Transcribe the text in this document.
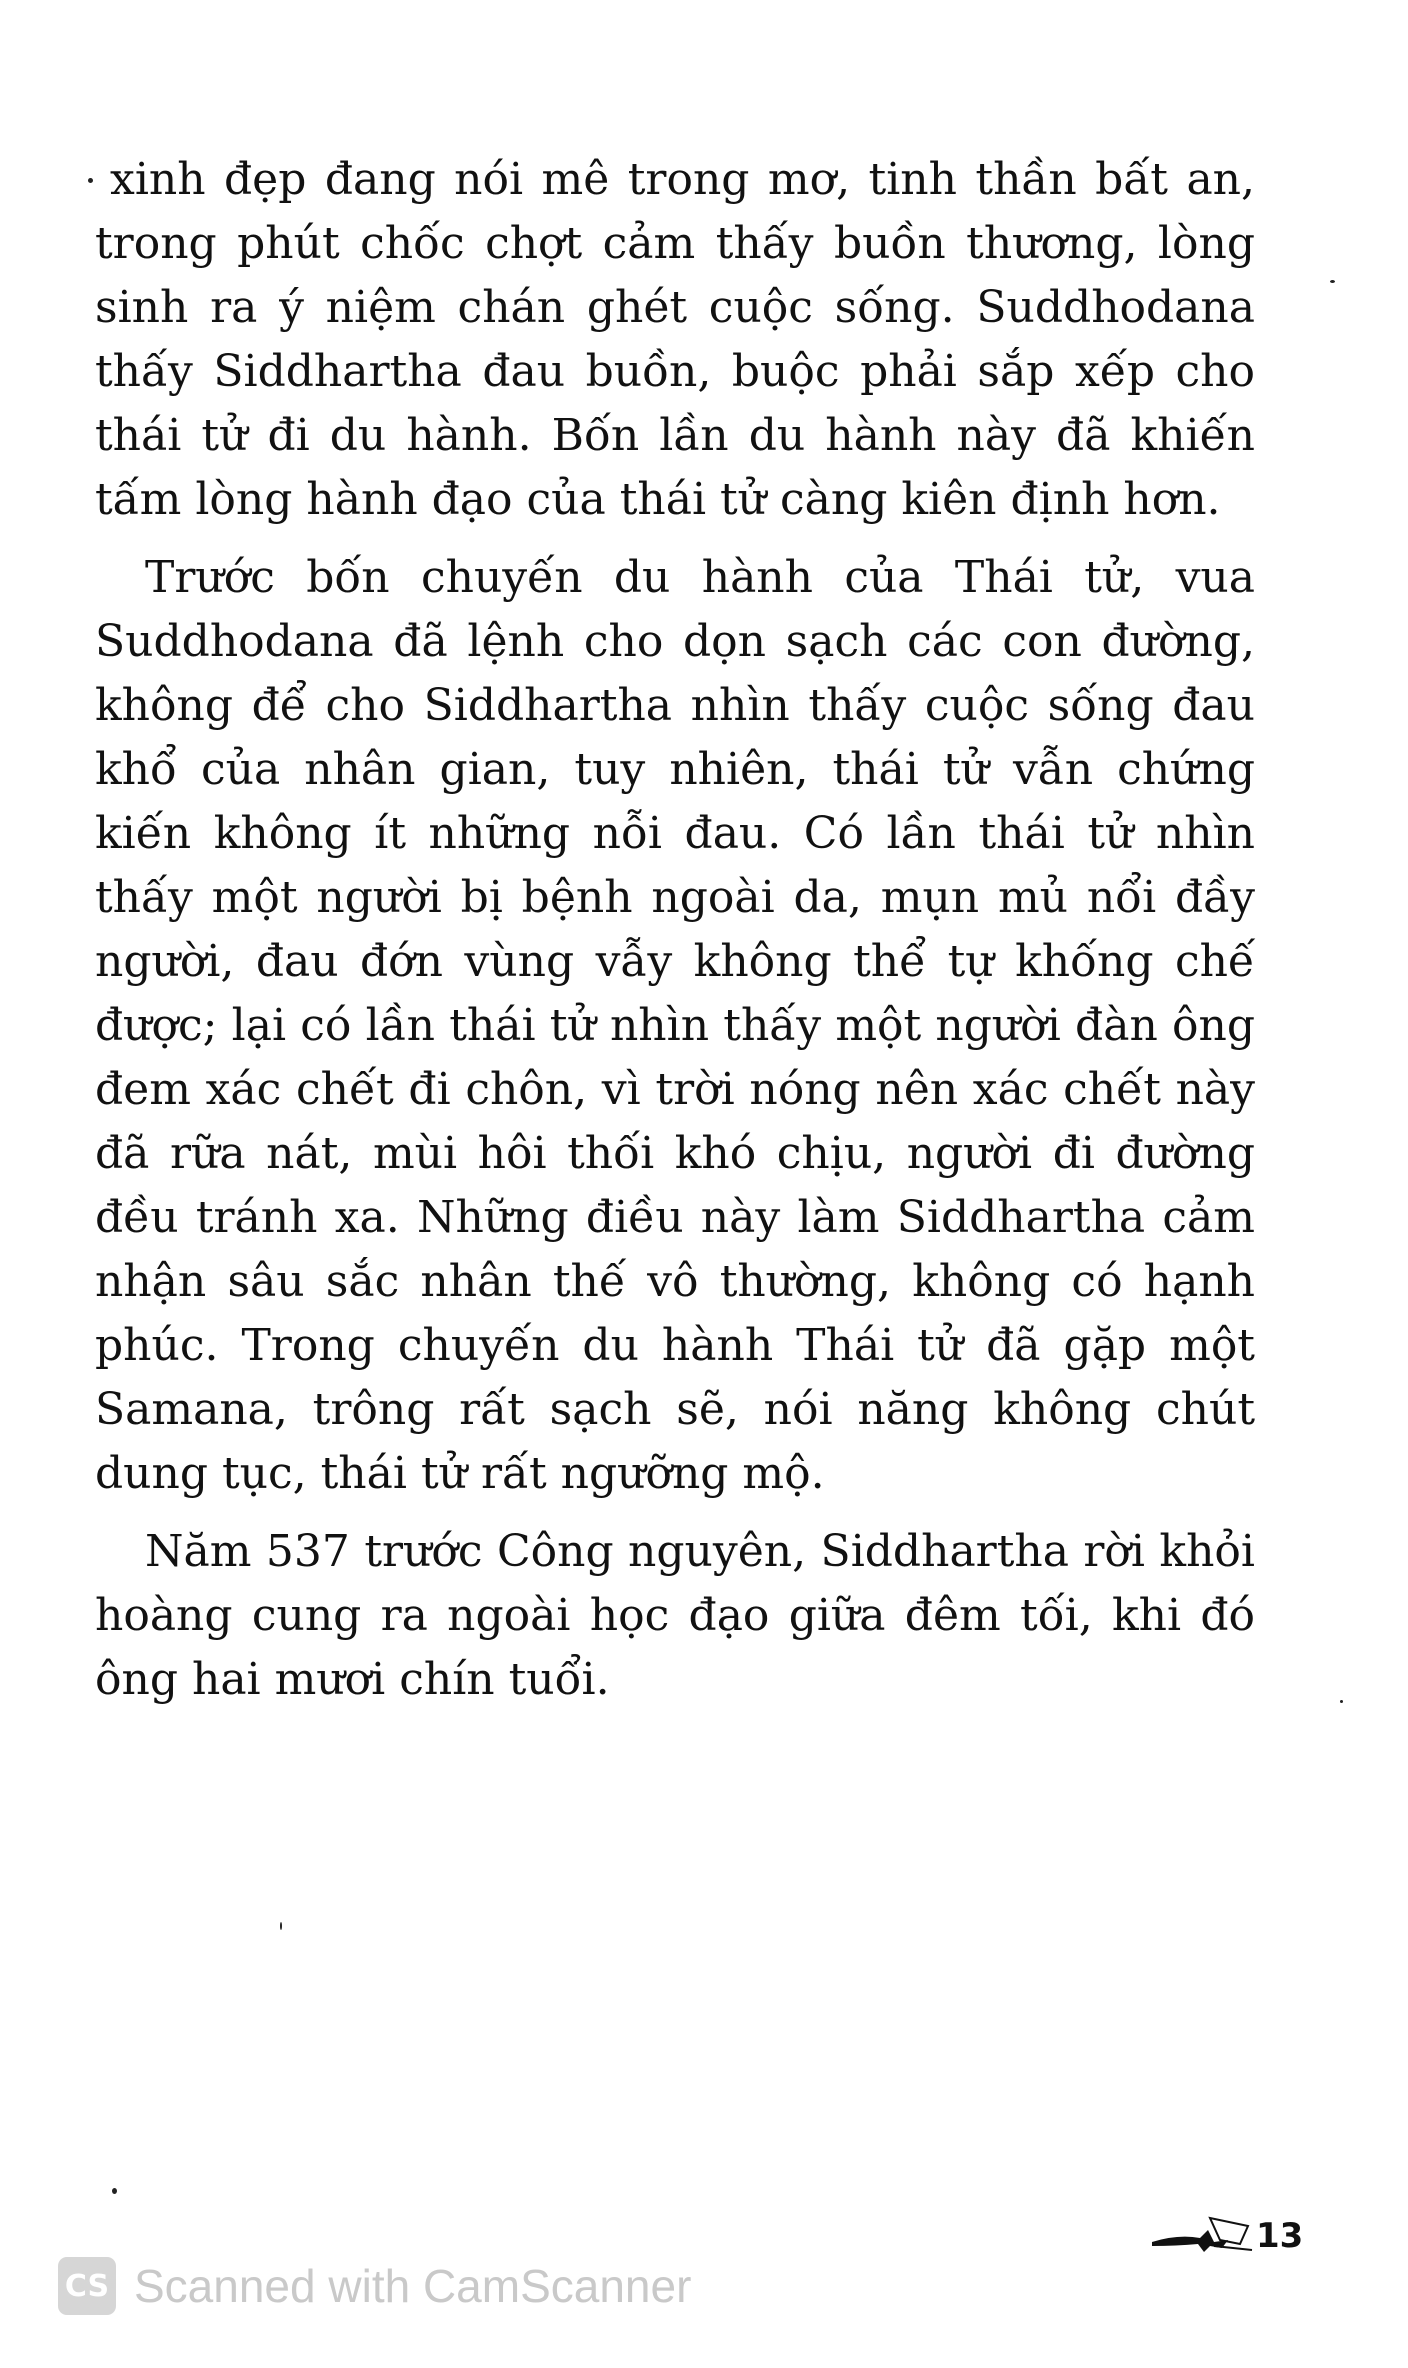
xinh đẹp đang nói mê trong mơ, tinh thần bất an, trong phút chốc chợt cảm thấy buồn thương, lòng sinh ra ý niệm chán ghét cuộc sống. Suddhodana thấy Siddhartha đau buồn, buộc phải sắp xếp cho thái tử đi du hành. Bốn lần du hành này đã khiến tấm lòng hành đạo của thái tử càng kiên định hơn.

Trước bốn chuyến du hành của Thái tử, vua Suddhodana đã lệnh cho dọn sạch các con đường, không để cho Siddhartha nhìn thấy cuộc sống đau khổ của nhân gian, tuy nhiên, thái tử vẫn chứng kiến không ít những nỗi đau. Có lần thái tử nhìn thấy một người bị bệnh ngoài da, mụn mủ nổi đầy người, đau đớn vùng vẫy không thể tự khống chế được; lại có lần thái tử nhìn thấy một người đàn ông đem xác chết đi chôn, vì trời nóng nên xác chết này đã rữa nát, mùi hôi thối khó chịu, người đi đường đều tránh xa. Những điều này làm Siddhartha cảm nhận sâu sắc nhân thế vô thường, không có hạnh phúc. Trong chuyến du hành Thái tử đã gặp một Samana, trông rất sạch sẽ, nói năng không chút dung tục, thái tử rất ngưỡng mộ.

Năm 537 trước Công nguyên, Siddhartha rời khỏi hoàng cung ra ngoài học đạo giữa đêm tối, khi đó ông hai mươi chín tuổi.

13
CS Scanned with CamScanner
